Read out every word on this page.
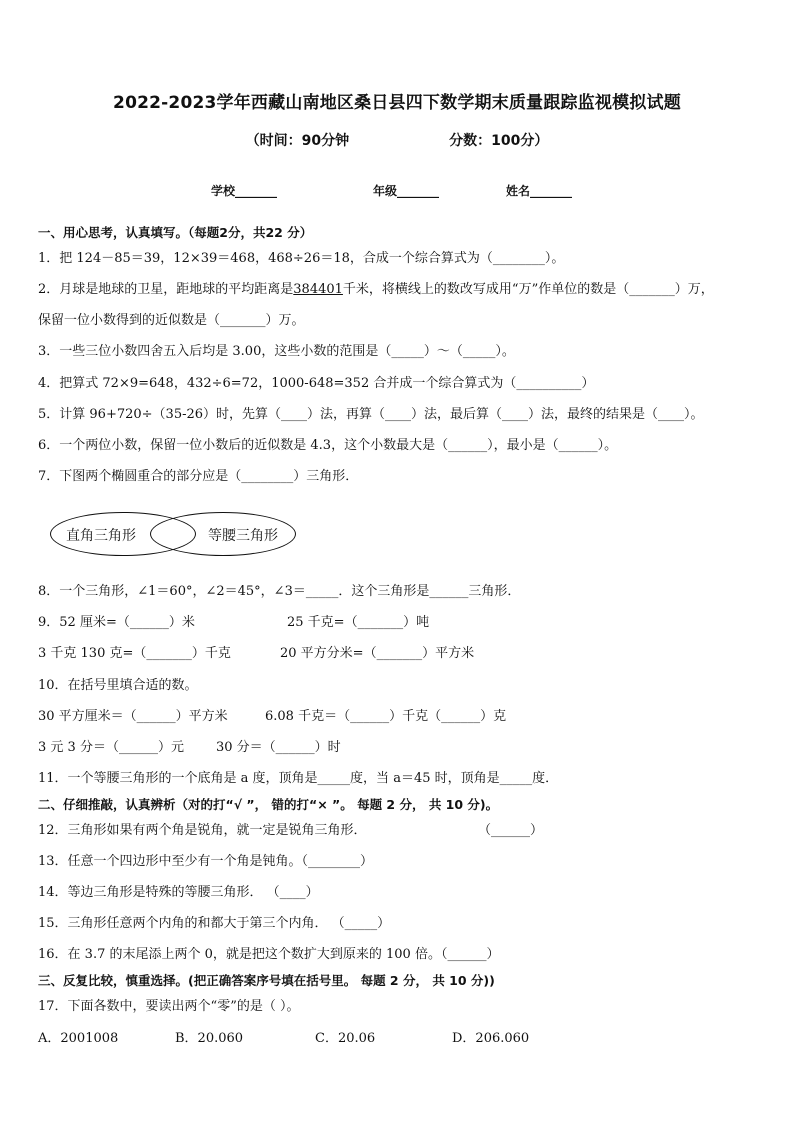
2022-2023学年西藏山南地区桑日县四下数学期末质量跟踪监视模拟试题
（时间：90分钟	分数：100分）
学校_______	年级_______	姓名_______
一、用心思考，认真填写。（每题2分，共22 分）
1．把 124－85＝39，12×39＝468，468÷26＝18，合成一个综合算式为（________）。
2．月球是地球的卫星，距地球的平均距离是384401千米，将横线上的数改写成用“万”作单位的数是（_______）万，
保留一位小数得到的近似数是（_______）万。
3．一些三位小数四舍五入后均是 3.00，这些小数的范围是（_____）～（_____）。
4．把算式 72×9=648，432÷6=72，1000-648=352 合并成一个综合算式为（__________）
5．计算 96+720÷（35-26）时，先算（____）法，再算（____）法，最后算（____）法，最终的结果是（____）。
6．一个两位小数，保留一位小数后的近似数是 4.3，这个小数最大是（______），最小是（______）。
7．下图两个椭圆重合的部分应是（________）三角形．
直角三角形	等腰三角形
8．一个三角形，∠1＝60°，∠2＝45°，∠3＝_____．这个三角形是______三角形．
9．52 厘米=（______）米	25 千克=（_______）吨
3 千克 130 克=（_______）千克	20 平方分米=（_______）平方米
10．在括号里填合适的数。
30 平方厘米＝（______）平方米	6.08 千克＝（______）千克（______）克
3 元 3 分＝（______）元 30 分＝（______）时
11．一个等腰三角形的一个底角是 a 度，顶角是_____度，当 a＝45 时，顶角是_____度．
二、仔细推敲，认真辨析（对的打“√ ”， 错的打“× ”。 每题 2 分， 共 10 分)。
12．三角形如果有两个角是锐角，就一定是锐角三角形．	（______）
13．任意一个四边形中至少有一个角是钝角。（________）
14．等边三角形是特殊的等腰三角形． （____）
15．三角形任意两个内角的和都大于第三个内角． （_____）
16．在 3.7 的末尾添上两个 0，就是把这个数扩大到原来的 100 倍。（______）
三、反复比较，慎重选择。(把正确答案序号填在括号里。 每题 2 分， 共 10 分))
17．下面各数中，要读出两个“零”的是（ ）。
A．2001008	B．20.060	C．20.06	D．206.060
